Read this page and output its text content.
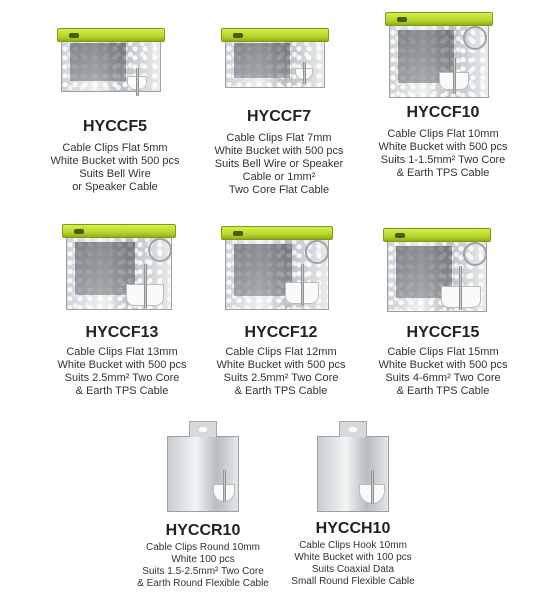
HYCCF5
Cable Clips Flat 5mm
White Bucket with 500 pcs
Suits Bell Wire
or Speaker Cable
HYCCF7
Cable Clips Flat 7mm
White Bucket with 500 pcs
Suits Bell Wire or Speaker
Cable or 1mm²
Two Core Flat Cable
HYCCF10
Cable Clips Flat 10mm
White Bucket with 500 pcs
Suits 1-1.5mm² Two Core
& Earth TPS Cable
HYCCF13
Cable Clips Flat 13mm
White Bucket with 500 pcs
Suits 2.5mm² Two Core
& Earth TPS Cable
HYCCF12
Cable Clips Flat 12mm
White Bucket with 500 pcs
Suits 2.5mm² Two Core
& Earth TPS Cable
HYCCF15
Cable Clips Flat 15mm
White Bucket with 500 pcs
Suits 4-6mm² Two Core
& Earth TPS Cable
HYCCR10
Cable Clips Round 10mm
White 100 pcs
Suits 1.5-2.5mm² Two Core
& Earth Round Flexible Cable
HYCCH10
Cable Clips Hook 10mm
White Bucket with 100 pcs
Suits Coaxial Data
Small Round Flexible Cable
